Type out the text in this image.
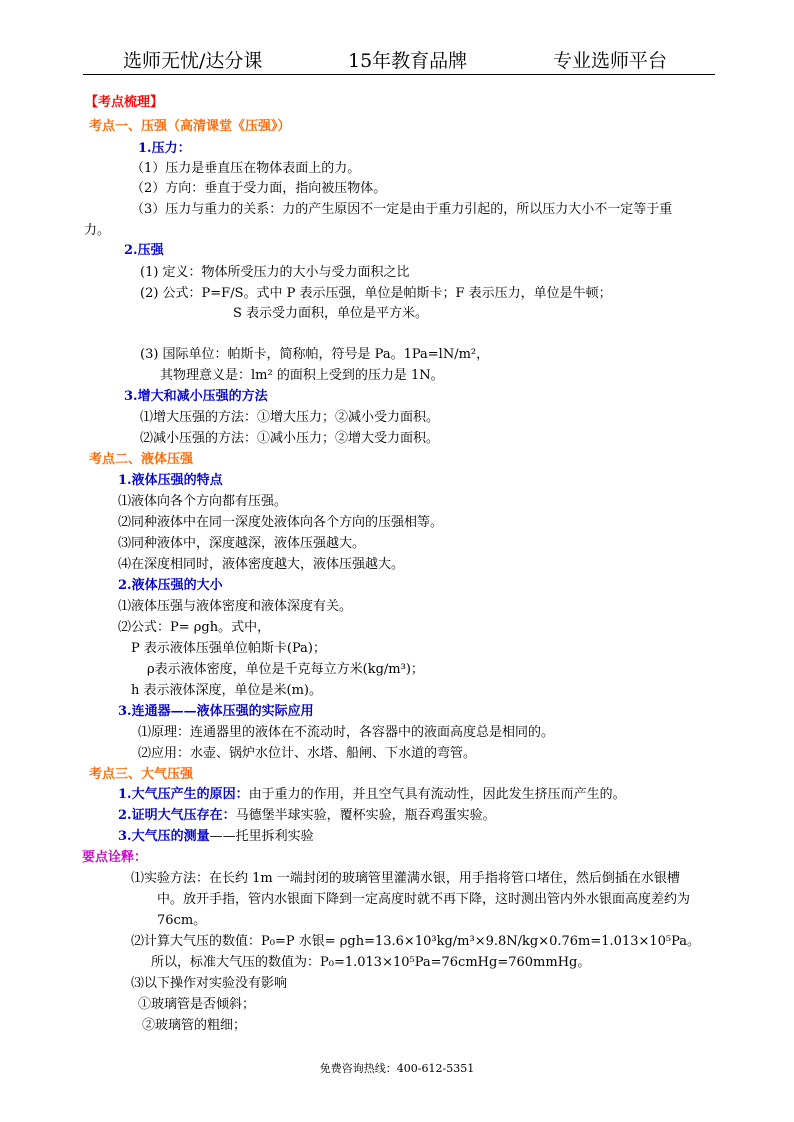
选师无忧/达分课	15年教育品牌	专业选师平台
【考点梳理】
考点一、压强（高清课堂《压强》）
1.压力：
（1）压力是垂直压在物体表面上的力。
（2）方向：垂直于受力面，指向被压物体。
（3）压力与重力的关系：力的产生原因不一定是由于重力引起的，所以压力大小不一定等于重
力。
2.压强
(1) 定义：物体所受压力的大小与受力面积之比
(2) 公式：P=F/S。式中 P 表示压强，单位是帕斯卡；F 表示压力，单位是牛顿；
S 表示受力面积，单位是平方米。
(3) 国际单位：帕斯卡，简称帕，符号是 Pa。1Pa=lN/m²，
其物理意义是：lm² 的面积上受到的压力是 1N。
3.增大和减小压强的方法
⑴增大压强的方法：①增大压力；②减小受力面积。
⑵减小压强的方法：①减小压力；②增大受力面积。
考点二、液体压强
1.液体压强的特点
⑴液体向各个方向都有压强。
⑵同种液体中在同一深度处液体向各个方向的压强相等。
⑶同种液体中，深度越深，液体压强越大。
⑷在深度相同时，液体密度越大，液体压强越大。
2.液体压强的大小
⑴液体压强与液体密度和液体深度有关。
⑵公式：P= ρgh。式中，
P 表示液体压强单位帕斯卡(Pa)；
ρ表示液体密度，单位是千克每立方米(kg/m³)；
h 表示液体深度，单位是米(m)。
3.连通器——液体压强的实际应用
⑴原理：连通器里的液体在不流动时，各容器中的液面高度总是相同的。
⑵应用：水壶、锅炉水位计、水塔、船闸、下水道的弯管。
考点三、大气压强
1.大气压产生的原因：由于重力的作用，并且空气具有流动性，因此发生挤压而产生的。
2.证明大气压存在：马德堡半球实验，覆杯实验，瓶吞鸡蛋实验。
3.大气压的测量——托里拆利实验
要点诠释：
⑴实验方法：在长约 1m 一端封闭的玻璃管里灌满水银，用手指将管口堵住，然后倒插在水银槽
中。放开手指，管内水银面下降到一定高度时就不再下降，这时测出管内外水银面高度差约为
76cm。
⑵计算大气压的数值：P₀=P 水银= ρgh=13.6×10³kg/m³×9.8N/kg×0.76m=1.013×10⁵Pa。
所以，标准大气压的数值为：P₀=1.013×10⁵Pa=76cmHg=760mmHg。
⑶以下操作对实验没有影响
①玻璃管是否倾斜；
②玻璃管的粗细；
免费咨询热线：400-612-5351
